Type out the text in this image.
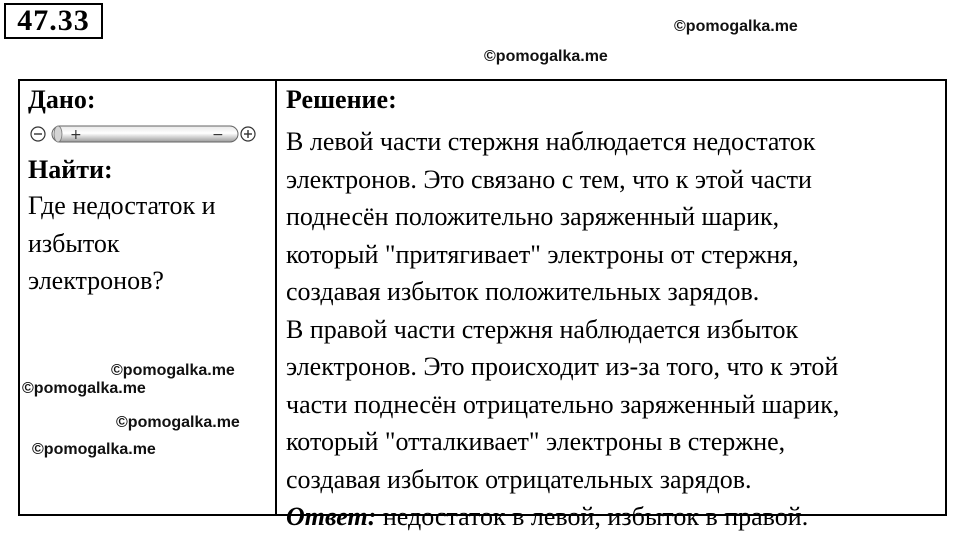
47.33	©pomogalka.me
©pomogalka.me

Дано:

+	−

Найти:

Где недостаток и

избыток

электронов?

Решение:

В левой части стержня наблюдается недостаток

электронов. Это связано с тем, что к этой части

поднесён положительно заряженный шарик,

который "притягивает" электроны от стержня,

создавая избыток положительных зарядов.

В правой части стержня наблюдается избыток

электронов. Это происходит из-за того, что к этой

части поднесён отрицательно заряженный шарик,

который "отталкивает" электроны в стержне,

создавая избыток отрицательных зарядов.

Ответ: недостаток в левой, избыток в правой.

©pomogalka.me
©pomogalka.me
©pomogalka.me
©pomogalka.me
